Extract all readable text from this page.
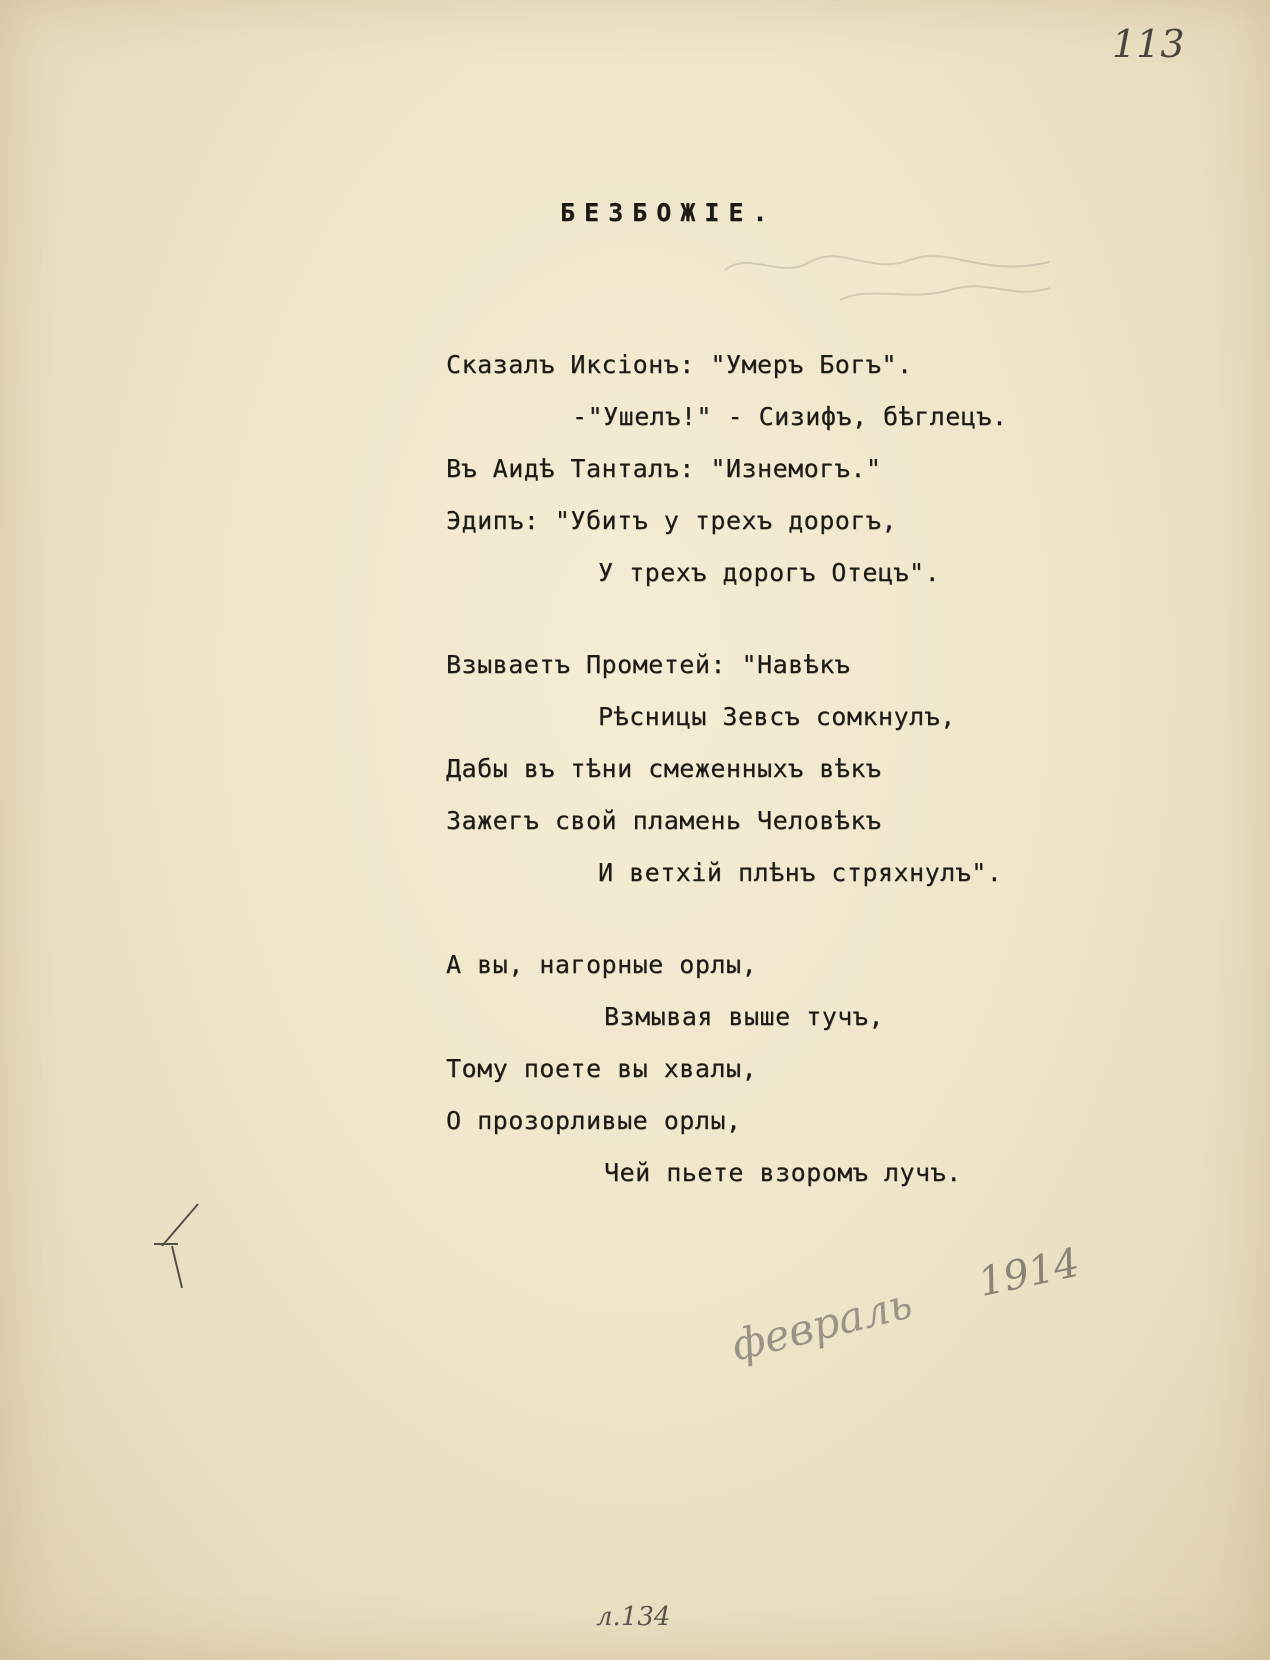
113
БЕЗБОЖІЕ.
Сказалъ Иксіонъ: "Умеръ Богъ".
-"Ушелъ!" - Сизифъ, бѣглецъ.
Въ Аидѣ Танталъ: "Изнемогъ."
Эдипъ: "Убитъ у трехъ дорогъ,
У трехъ дорогъ Отецъ".
Взываетъ Прометей: "Навѣкъ
Рѣсницы Зевсъ сомкнулъ,
Дабы въ тѣни смеженныхъ вѣкъ
Зажегъ свой пламень Человѣкъ
И ветхій плѣнъ стряхнулъ".
А вы, нагорные орлы,
Взмывая выше тучъ,
Тому поете вы хвалы,
О прозорливые орлы,
Чей пьете взоромъ лучъ.
1914
февраль
л.134
